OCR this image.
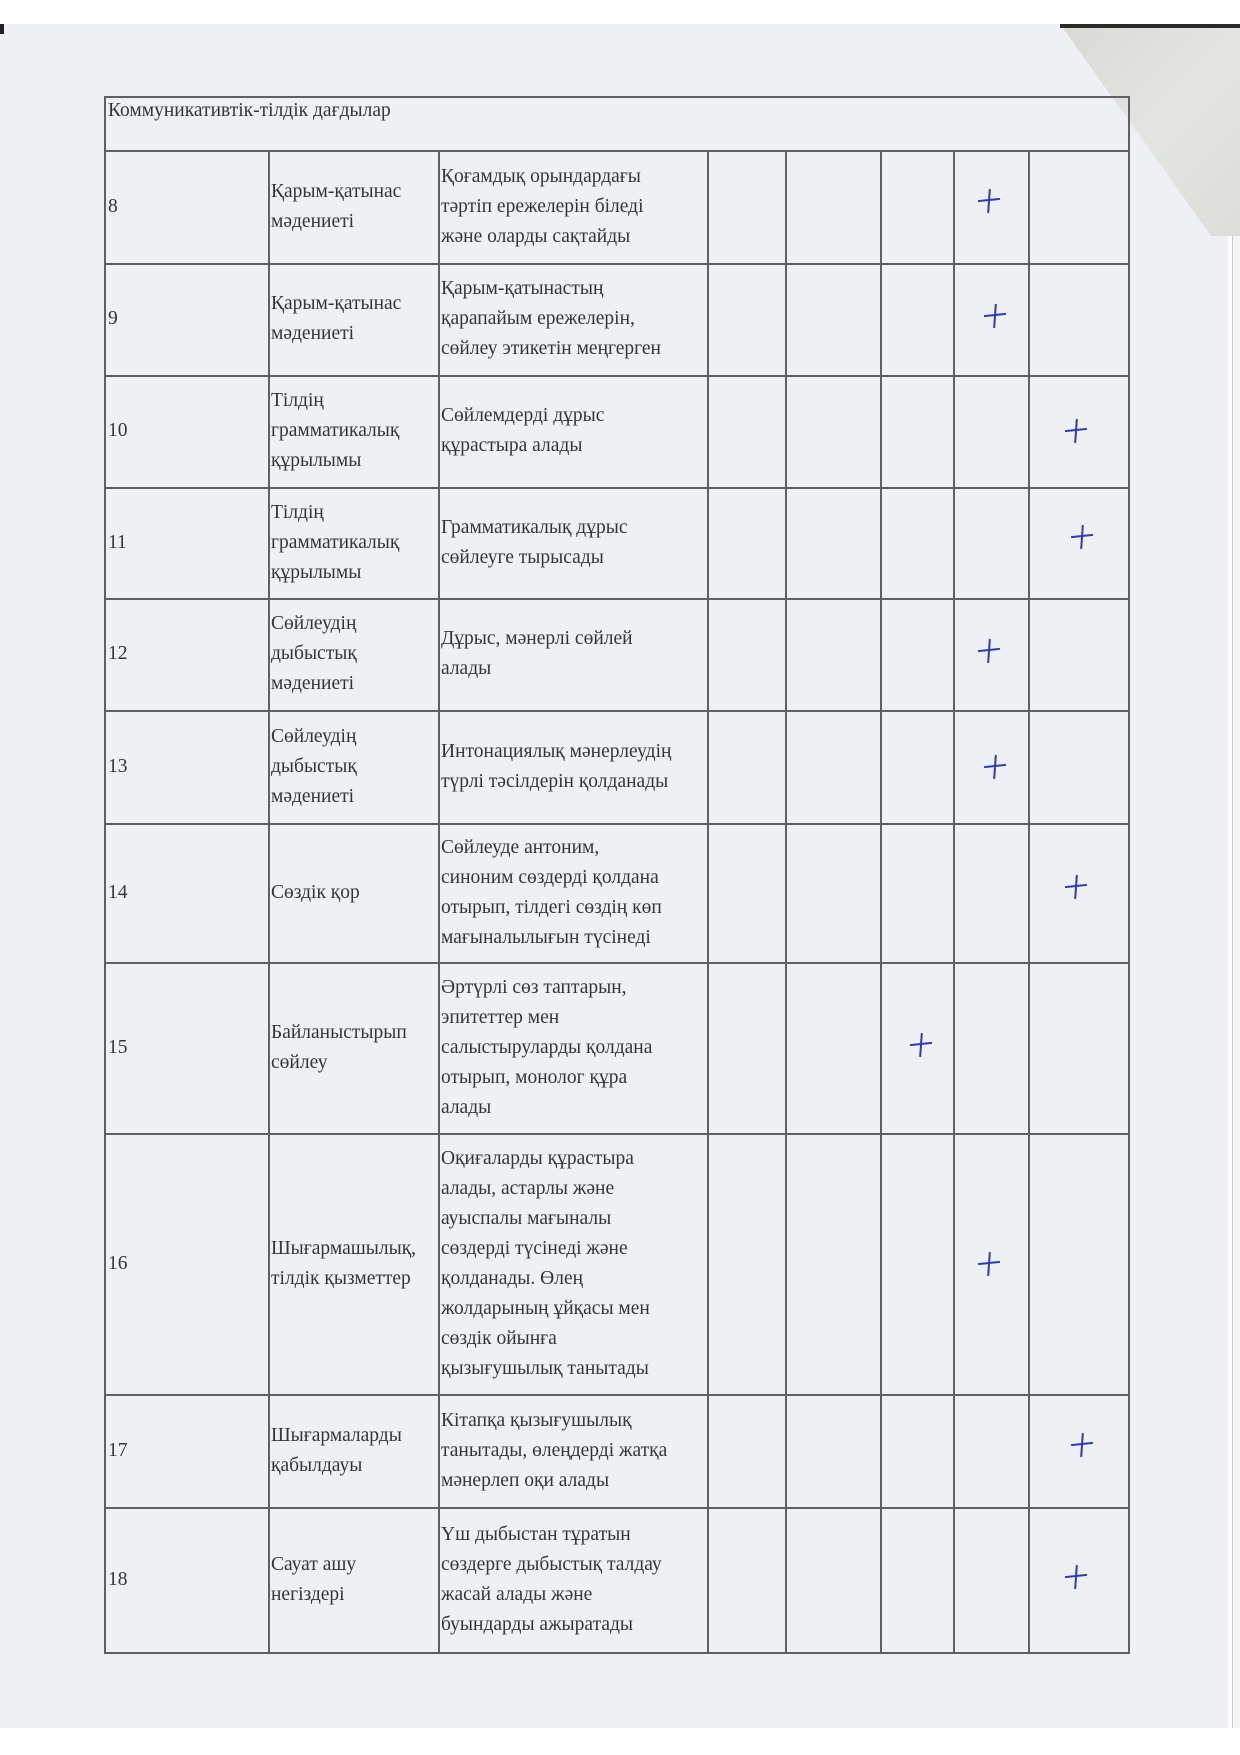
Коммуникативтік-тілдік дағдылар
8
Қарым-қатынас
мәдениеті
Қоғамдық орындардағы
тәртіп ережелерін біледі
және оларды сақтайды
9
Қарым-қатынас
мәдениеті
Қарым-қатынастың
қарапайым ережелерін,
сөйлеу этикетін меңгерген
10
Тілдің
грамматикалық
құрылымы
Сөйлемдерді дұрыс
құрастыра алады
11
Тілдің
грамматикалық
құрылымы
Грамматикалық дұрыс
сөйлеуге тырысады
12
Сөйлеудің
дыбыстық
мәдениеті
Дұрыс, мәнерлі сөйлей
алады
13
Сөйлеудің
дыбыстық
мәдениеті
Интонациялық мәнерлеудің
түрлі тәсілдерін қолданады
14	Сөздік қор
Сөйлеуде антоним,
синоним сөздерді қолдана
отырып, тілдегі сөздің көп
мағыналылығын түсінеді
15
Байланыстырып
сөйлеу
Әртүрлі сөз таптарын,
эпитеттер мен
салыстыруларды қолдана
отырып, монолог құра
алады
16
Шығармашылық,
тілдік қызметтер
Оқиғаларды құрастыра
алады, астарлы және
ауыспалы мағыналы
сөздерді түсінеді және
қолданады. Өлең
жолдарының ұйқасы мен
сөздік ойынға
қызығушылық танытады
17
Шығармаларды
қабылдауы
Кітапқа қызығушылық
танытады, өлеңдерді жатқа
мәнерлеп оқи алады
18
Сауат ашу
негіздері
Үш дыбыстан тұратын
сөздерге дыбыстық талдау
жасай алады және
буындарды ажыратады
